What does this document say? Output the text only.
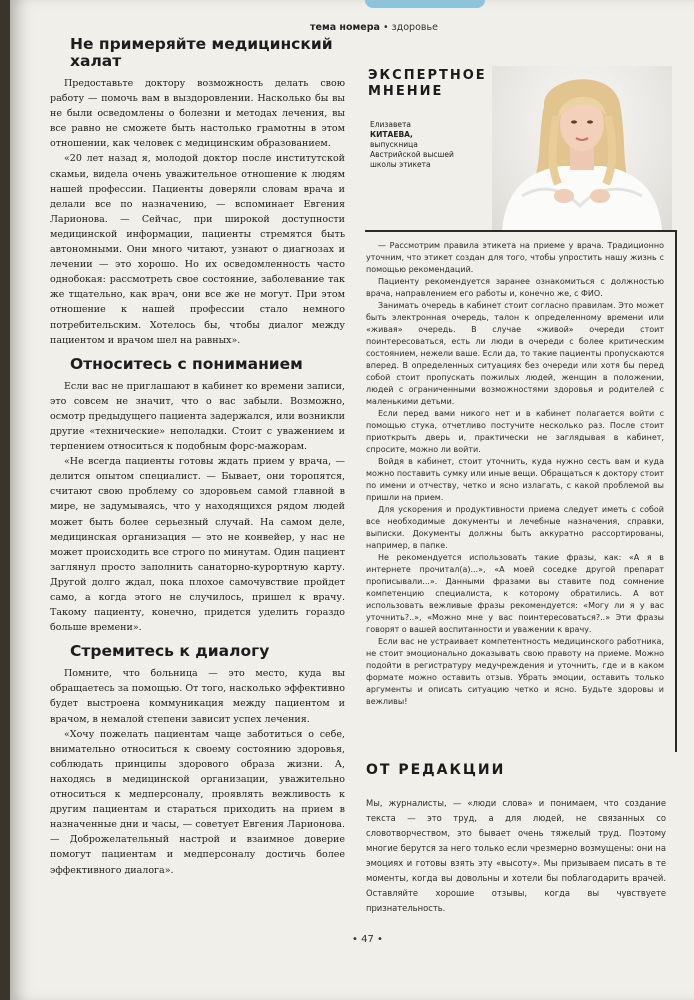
тема номера • здоровье
Не примеряйте медицинский халат

Предоставьте доктору возможность делать свою работу — помочь вам в выздоровлении. Насколько бы вы не были осведомлены о болезни и методах лечения, вы все равно не сможете быть настолько грамотны в этом отношении, как человек с медицинским образованием.

«20 лет назад я, молодой доктор после институтской скамьи, видела очень уважительное отношение к людям нашей профессии. Пациенты доверяли словам врача и делали все по назначению, — вспоминает Евгения Ларионова. — Сейчас, при широкой доступности медицинской информации, пациенты стремятся быть автономными. Они много читают, узнают о диагнозах и лечении — это хорошо. Но их осведомленность часто однобокая: рассмотреть свое состояние, заболевание так же тщательно, как врач, они все же не могут. При этом отношение к нашей профессии стало немного потребительским. Хотелось бы, чтобы диалог между пациентом и врачом шел на равных».

Относитесь с пониманием

Если вас не приглашают в кабинет ко времени записи, это совсем не значит, что о вас забыли. Возможно, осмотр предыдущего пациента задержался, или возникли другие «технические» неполадки. Стоит с уважением и терпением относиться к подобным форс-мажорам.

«Не всегда пациенты готовы ждать прием у врача, — делится опытом специалист. — Бывает, они торопятся, считают свою проблему со здоровьем самой главной в мире, не задумываясь, что у находящихся рядом людей может быть более серьезный случай. На самом деле, медицинская организация — это не конвейер, у нас не может происходить все строго по минутам. Один пациент заглянул просто заполнить санаторно-курортную карту. Другой долго ждал, пока плохое самочувствие пройдет само, а когда этого не случилось, пришел к врачу. Такому пациенту, конечно, придется уделить гораздо больше времени».

Стремитесь к диалогу

Помните, что больница — это место, куда вы обращаетесь за помощью. От того, насколько эффективно будет выстроена коммуникация между пациентом и врачом, в немалой степени зависит успех лечения.

«Хочу пожелать пациентам чаще заботиться о себе, внимательно относиться к своему состоянию здоровья, соблюдать принципы здорового образа жизни. А, находясь в медицинской организации, уважительно относиться к медперсоналу, проявлять вежливость к другим пациентам и стараться приходить на прием в назначенные дни и часы, — советует Евгения Ларионова. — Доброжелательный настрой и взаимное доверие помогут пациентам и медперсоналу достичь более эффективного диалога».

ЭКСПЕРТНОЕ МНЕНИЕ
Елизавета
КИТАЕВА,
выпускница Австрийской высшей школы этикета

— Рассмотрим правила этикета на приеме у врача. Традиционно уточним, что этикет создан для того, чтобы упростить нашу жизнь с помощью рекомендаций.

Пациенту рекомендуется заранее ознакомиться с должностью врача, направлением его работы и, конечно же, с ФИО.

Занимать очередь в кабинет стоит согласно правилам. Это может быть электронная очередь, талон к определенному времени или «живая» очередь. В случае «живой» очереди стоит поинтересоваться, есть ли люди в очереди с более критическим состоянием, нежели ваше. Если да, то такие пациенты пропускаются вперед. В определенных ситуациях без очереди или хотя бы перед собой стоит пропускать пожилых людей, женщин в положении, людей с ограниченными возможностями здоровья и родителей с маленькими детьми.

Если перед вами никого нет и в кабинет полагается войти с помощью стука, отчетливо постучите несколько раз. После стоит приоткрыть дверь и, практически не заглядывая в кабинет, спросите, можно ли войти.

Войдя в кабинет, стоит уточнить, куда нужно сесть вам и куда можно поставить сумку или иные вещи. Обращаться к доктору стоит по имени и отчеству, четко и ясно излагать, с какой проблемой вы пришли на прием.

Для ускорения и продуктивности приема следует иметь с собой все необходимые документы и лечебные назначения, справки, выписки. Документы должны быть аккуратно рассортированы, например, в папке.

Не рекомендуется использовать такие фразы, как: «А я в интернете прочитал(а)...», «А моей соседке другой препарат прописывали...». Данными фразами вы ставите под сомнение компетенцию специалиста, к которому обратились. А вот использовать вежливые фразы рекомендуется: «Могу ли я у вас уточнить?..», «Можно мне у вас поинтересоваться?..» Эти фразы говорят о вашей воспитанности и уважении к врачу.

Если вас не устраивает компетентность медицинского работника, не стоит эмоционально доказывать свою правоту на приеме. Можно подойти в регистратуру медучреждения и уточнить, где и в каком формате можно оставить отзыв. Убрать эмоции, оставить только аргументы и описать ситуацию четко и ясно. Будьте здоровы и вежливы!

ОТ РЕДАКЦИИ
Мы, журналисты, — «люди слова» и понимаем, что создание текста — это труд, а для людей, не связанных со словотворчеством, это бывает очень тяжелый труд. Поэтому многие берутся за него только если чрезмерно возмущены: они на эмоциях и готовы взять эту «высоту». Мы призываем писать в те моменты, когда вы довольны и хотели бы поблагодарить врачей. Оставляйте хорошие отзывы, когда вы чувствуете признательность.
• 47 •
